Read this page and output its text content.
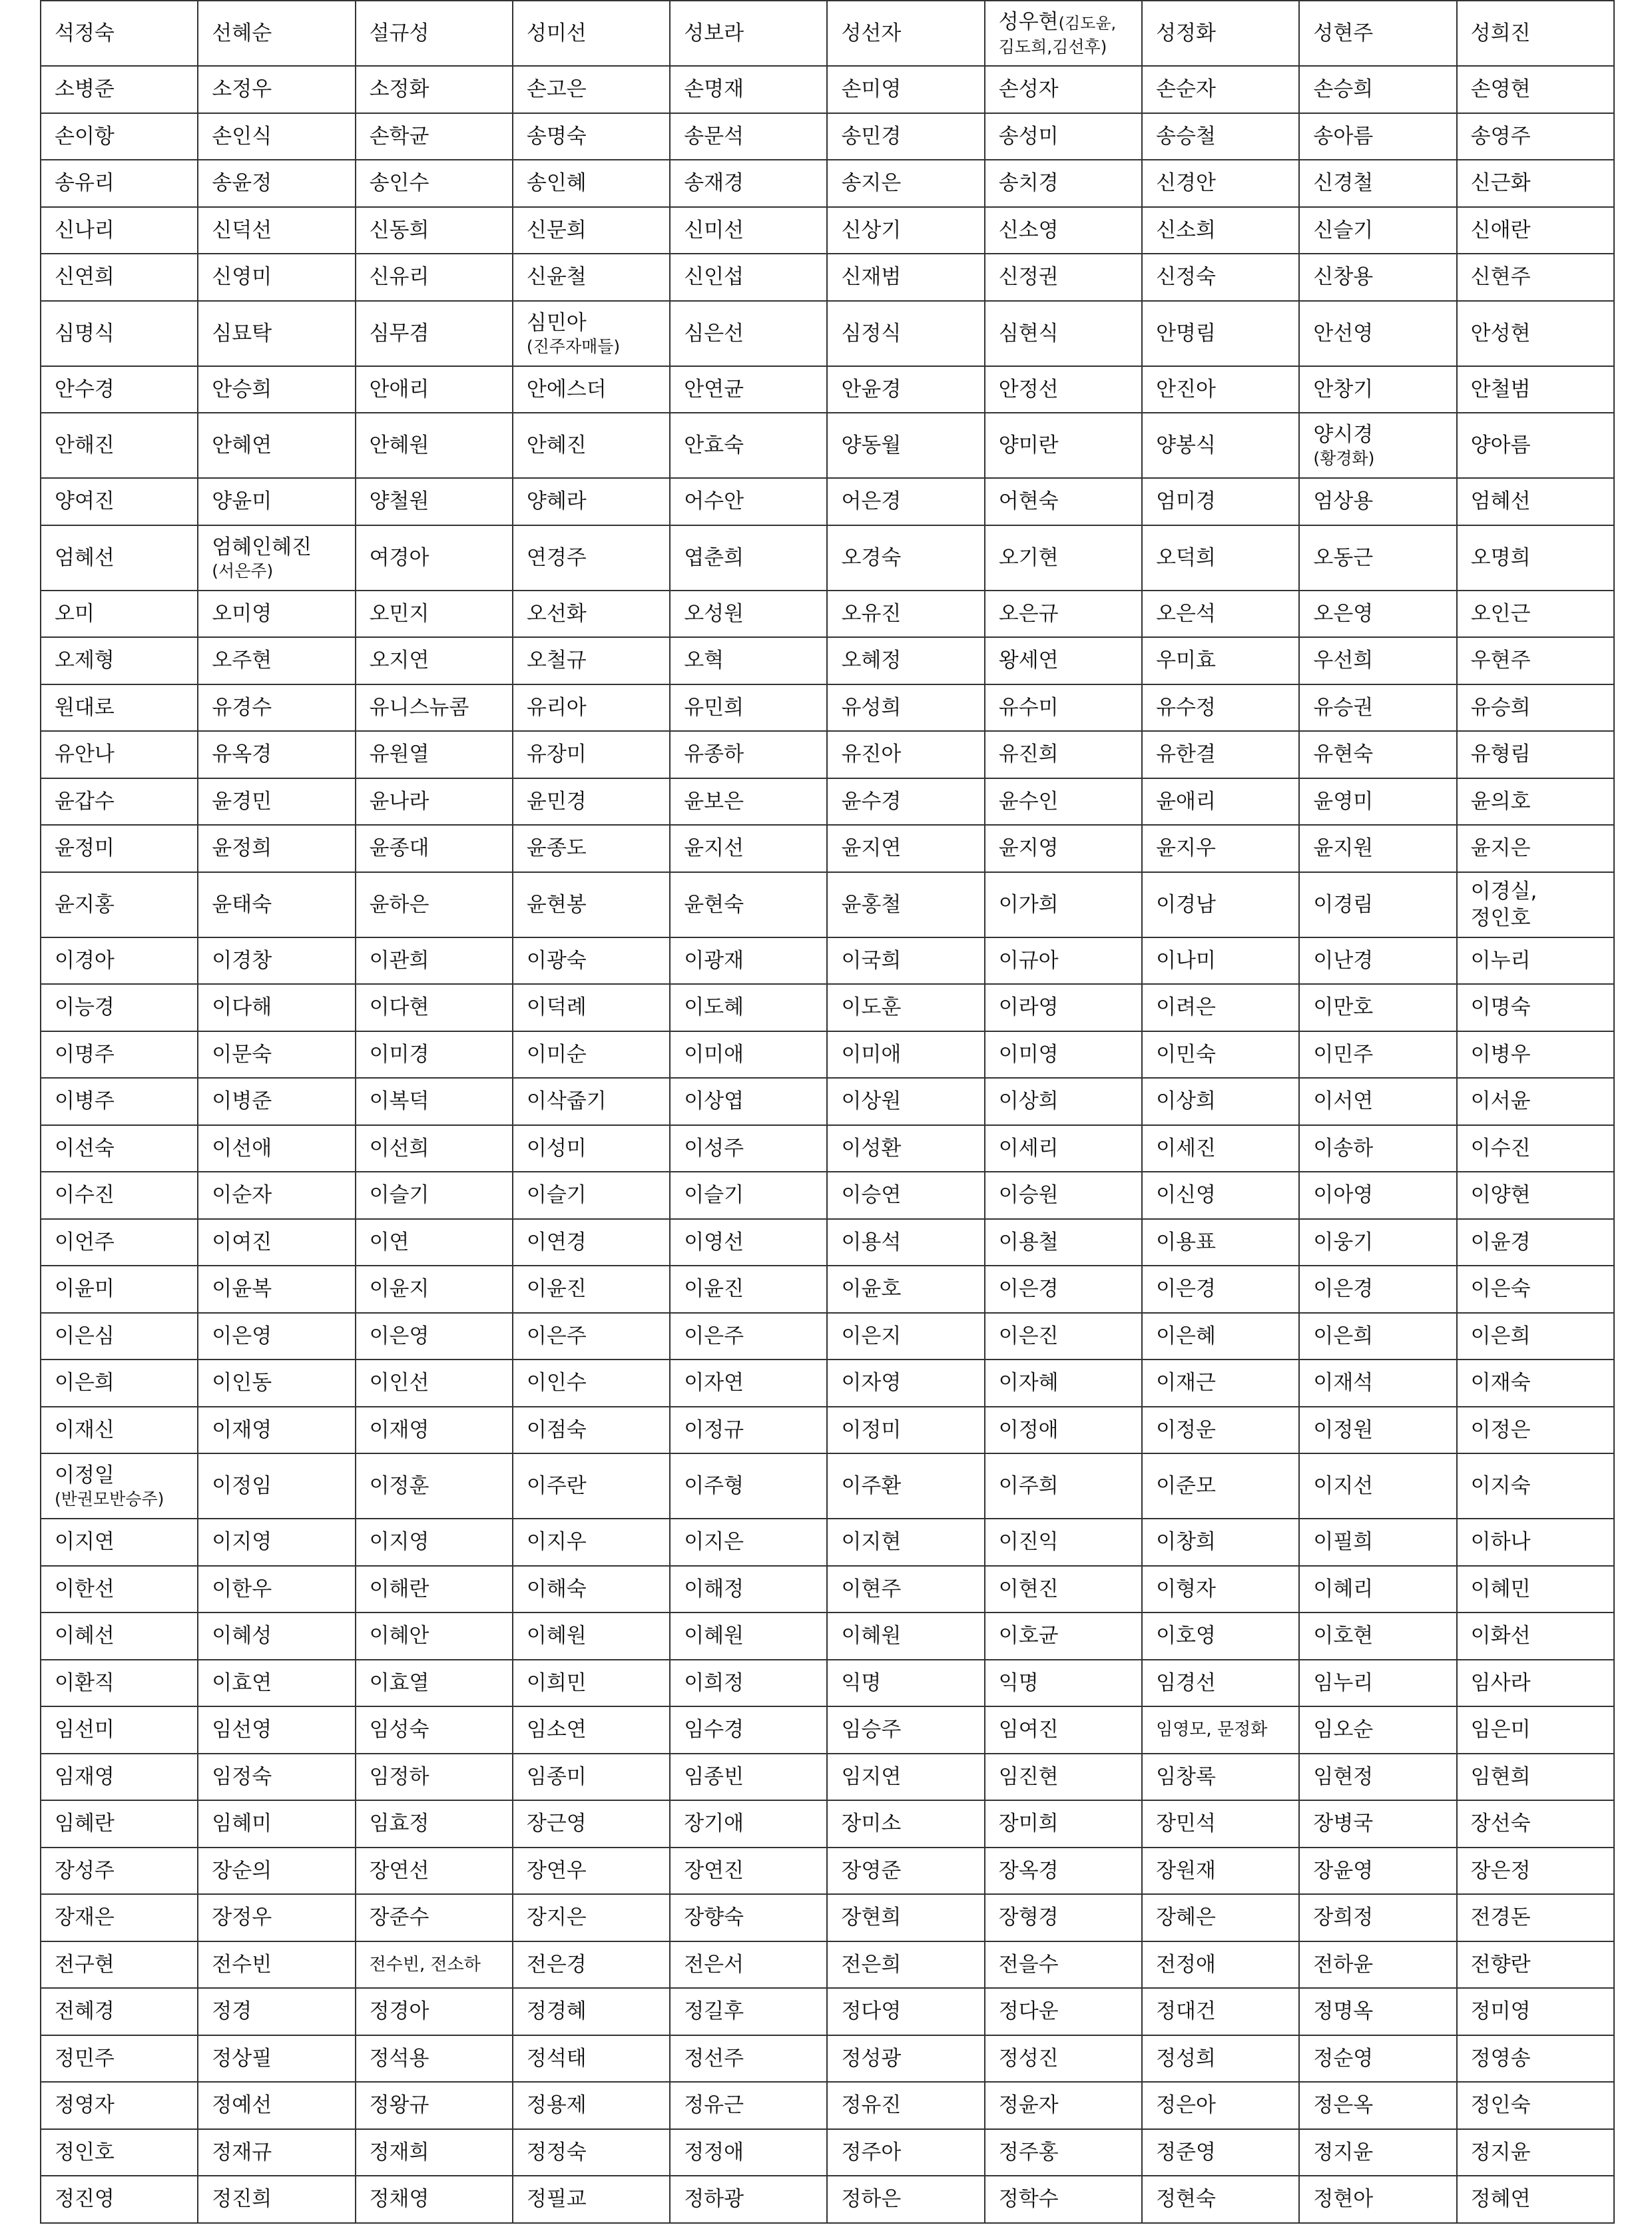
석정숙	선혜순	설규성	성미선	성보라	성선자	성우현(김도윤,
김도희,김선후)	성정화	성현주	성희진

소병준	소정우	소정화	손고은	손명재	손미영	손성자	손순자	손승희	손영현

손이항	손인식	손학균	송명숙	송문석	송민경	송성미	송승철	송아름	송영주

송유리	송윤정	송인수	송인혜	송재경	송지은	송치경	신경안	신경철	신근화

신나리	신덕선	신동희	신문희	신미선	신상기	신소영	신소희	신슬기	신애란

신연희	신영미	신유리	신윤철	신인섭	신재범	신정권	신정숙	신창용	신현주

심명식	심묘탁	심무겸	심민아
(진주자매들)	심은선	심정식	심현식	안명림	안선영	안성현

안수경	안승희	안애리	안에스더	안연균	안윤경	안정선	안진아	안창기	안철범

안해진	안혜연	안혜원	안혜진	안효숙	양동월	양미란	양봉식	양시경
(황경화)	양아름

양여진	양윤미	양철원	양혜라	어수안	어은경	어현숙	엄미경	엄상용	엄혜선

엄혜선	엄혜인혜진
(서은주)	여경아	연경주	엽춘희	오경숙	오기현	오덕희	오동근	오명희

오미	오미영	오민지	오선화	오성원	오유진	오은규	오은석	오은영	오인근

오제형	오주현	오지연	오철규	오혁	오혜정	왕세연	우미효	우선희	우현주

원대로	유경수	유니스뉴콤	유리아	유민희	유성희	유수미	유수정	유승권	유승희

유안나	유옥경	유원열	유장미	유종하	유진아	유진희	유한결	유현숙	유형림

윤갑수	윤경민	윤나라	윤민경	윤보은	윤수경	윤수인	윤애리	윤영미	윤의호

윤정미	윤정희	윤종대	윤종도	윤지선	윤지연	윤지영	윤지우	윤지원	윤지은

윤지홍	윤태숙	윤하은	윤현봉	윤현숙	윤홍철	이가희	이경남	이경림	이경실,
정인호

이경아	이경창	이관희	이광숙	이광재	이국희	이규아	이나미	이난경	이누리

이능경	이다해	이다현	이덕례	이도혜	이도훈	이라영	이려은	이만호	이명숙

이명주	이문숙	이미경	이미순	이미애	이미애	이미영	이민숙	이민주	이병우

이병주	이병준	이복덕	이삭줍기	이상엽	이상원	이상희	이상희	이서연	이서윤

이선숙	이선애	이선희	이성미	이성주	이성환	이세리	이세진	이송하	이수진

이수진	이순자	이슬기	이슬기	이슬기	이승연	이승원	이신영	이아영	이양현

이언주	이여진	이연	이연경	이영선	이용석	이용철	이용표	이웅기	이윤경

이윤미	이윤복	이윤지	이윤진	이윤진	이윤호	이은경	이은경	이은경	이은숙

이은심	이은영	이은영	이은주	이은주	이은지	이은진	이은혜	이은희	이은희

이은희	이인동	이인선	이인수	이자연	이자영	이자혜	이재근	이재석	이재숙

이재신	이재영	이재영	이점숙	이정규	이정미	이정애	이정운	이정원	이정은

이정일
(반권모반승주)	이정임	이정훈	이주란	이주형	이주환	이주희	이준모	이지선	이지숙

이지연	이지영	이지영	이지우	이지은	이지현	이진익	이창희	이필희	이하나

이한선	이한우	이해란	이해숙	이해정	이현주	이현진	이형자	이혜리	이혜민

이혜선	이혜성	이혜안	이혜원	이혜원	이혜원	이호균	이호영	이호현	이화선

이환직	이효연	이효열	이희민	이희정	익명	익명	임경선	임누리	임사라

임선미	임선영	임성숙	임소연	임수경	임승주	임여진	임영모, 문정화	임오순	임은미

임재영	임정숙	임정하	임종미	임종빈	임지연	임진현	임창록	임현정	임현희

임혜란	임혜미	임효정	장근영	장기애	장미소	장미희	장민석	장병국	장선숙

장성주	장순의	장연선	장연우	장연진	장영준	장옥경	장원재	장윤영	장은정

장재은	장정우	장준수	장지은	장향숙	장현희	장형경	장혜은	장희정	전경돈

전구현	전수빈	전수빈, 전소하	전은경	전은서	전은희	전을수	전정애	전하윤	전향란

전혜경	정경	정경아	정경혜	정길후	정다영	정다운	정대건	정명옥	정미영

정민주	정상필	정석용	정석태	정선주	정성광	정성진	정성희	정순영	정영송

정영자	정예선	정왕규	정용제	정유근	정유진	정윤자	정은아	정은옥	정인숙

정인호	정재규	정재희	정정숙	정정애	정주아	정주홍	정준영	정지윤	정지윤

정진영	정진희	정채영	정필교	정하광	정하은	정학수	정현숙	정현아	정혜연
